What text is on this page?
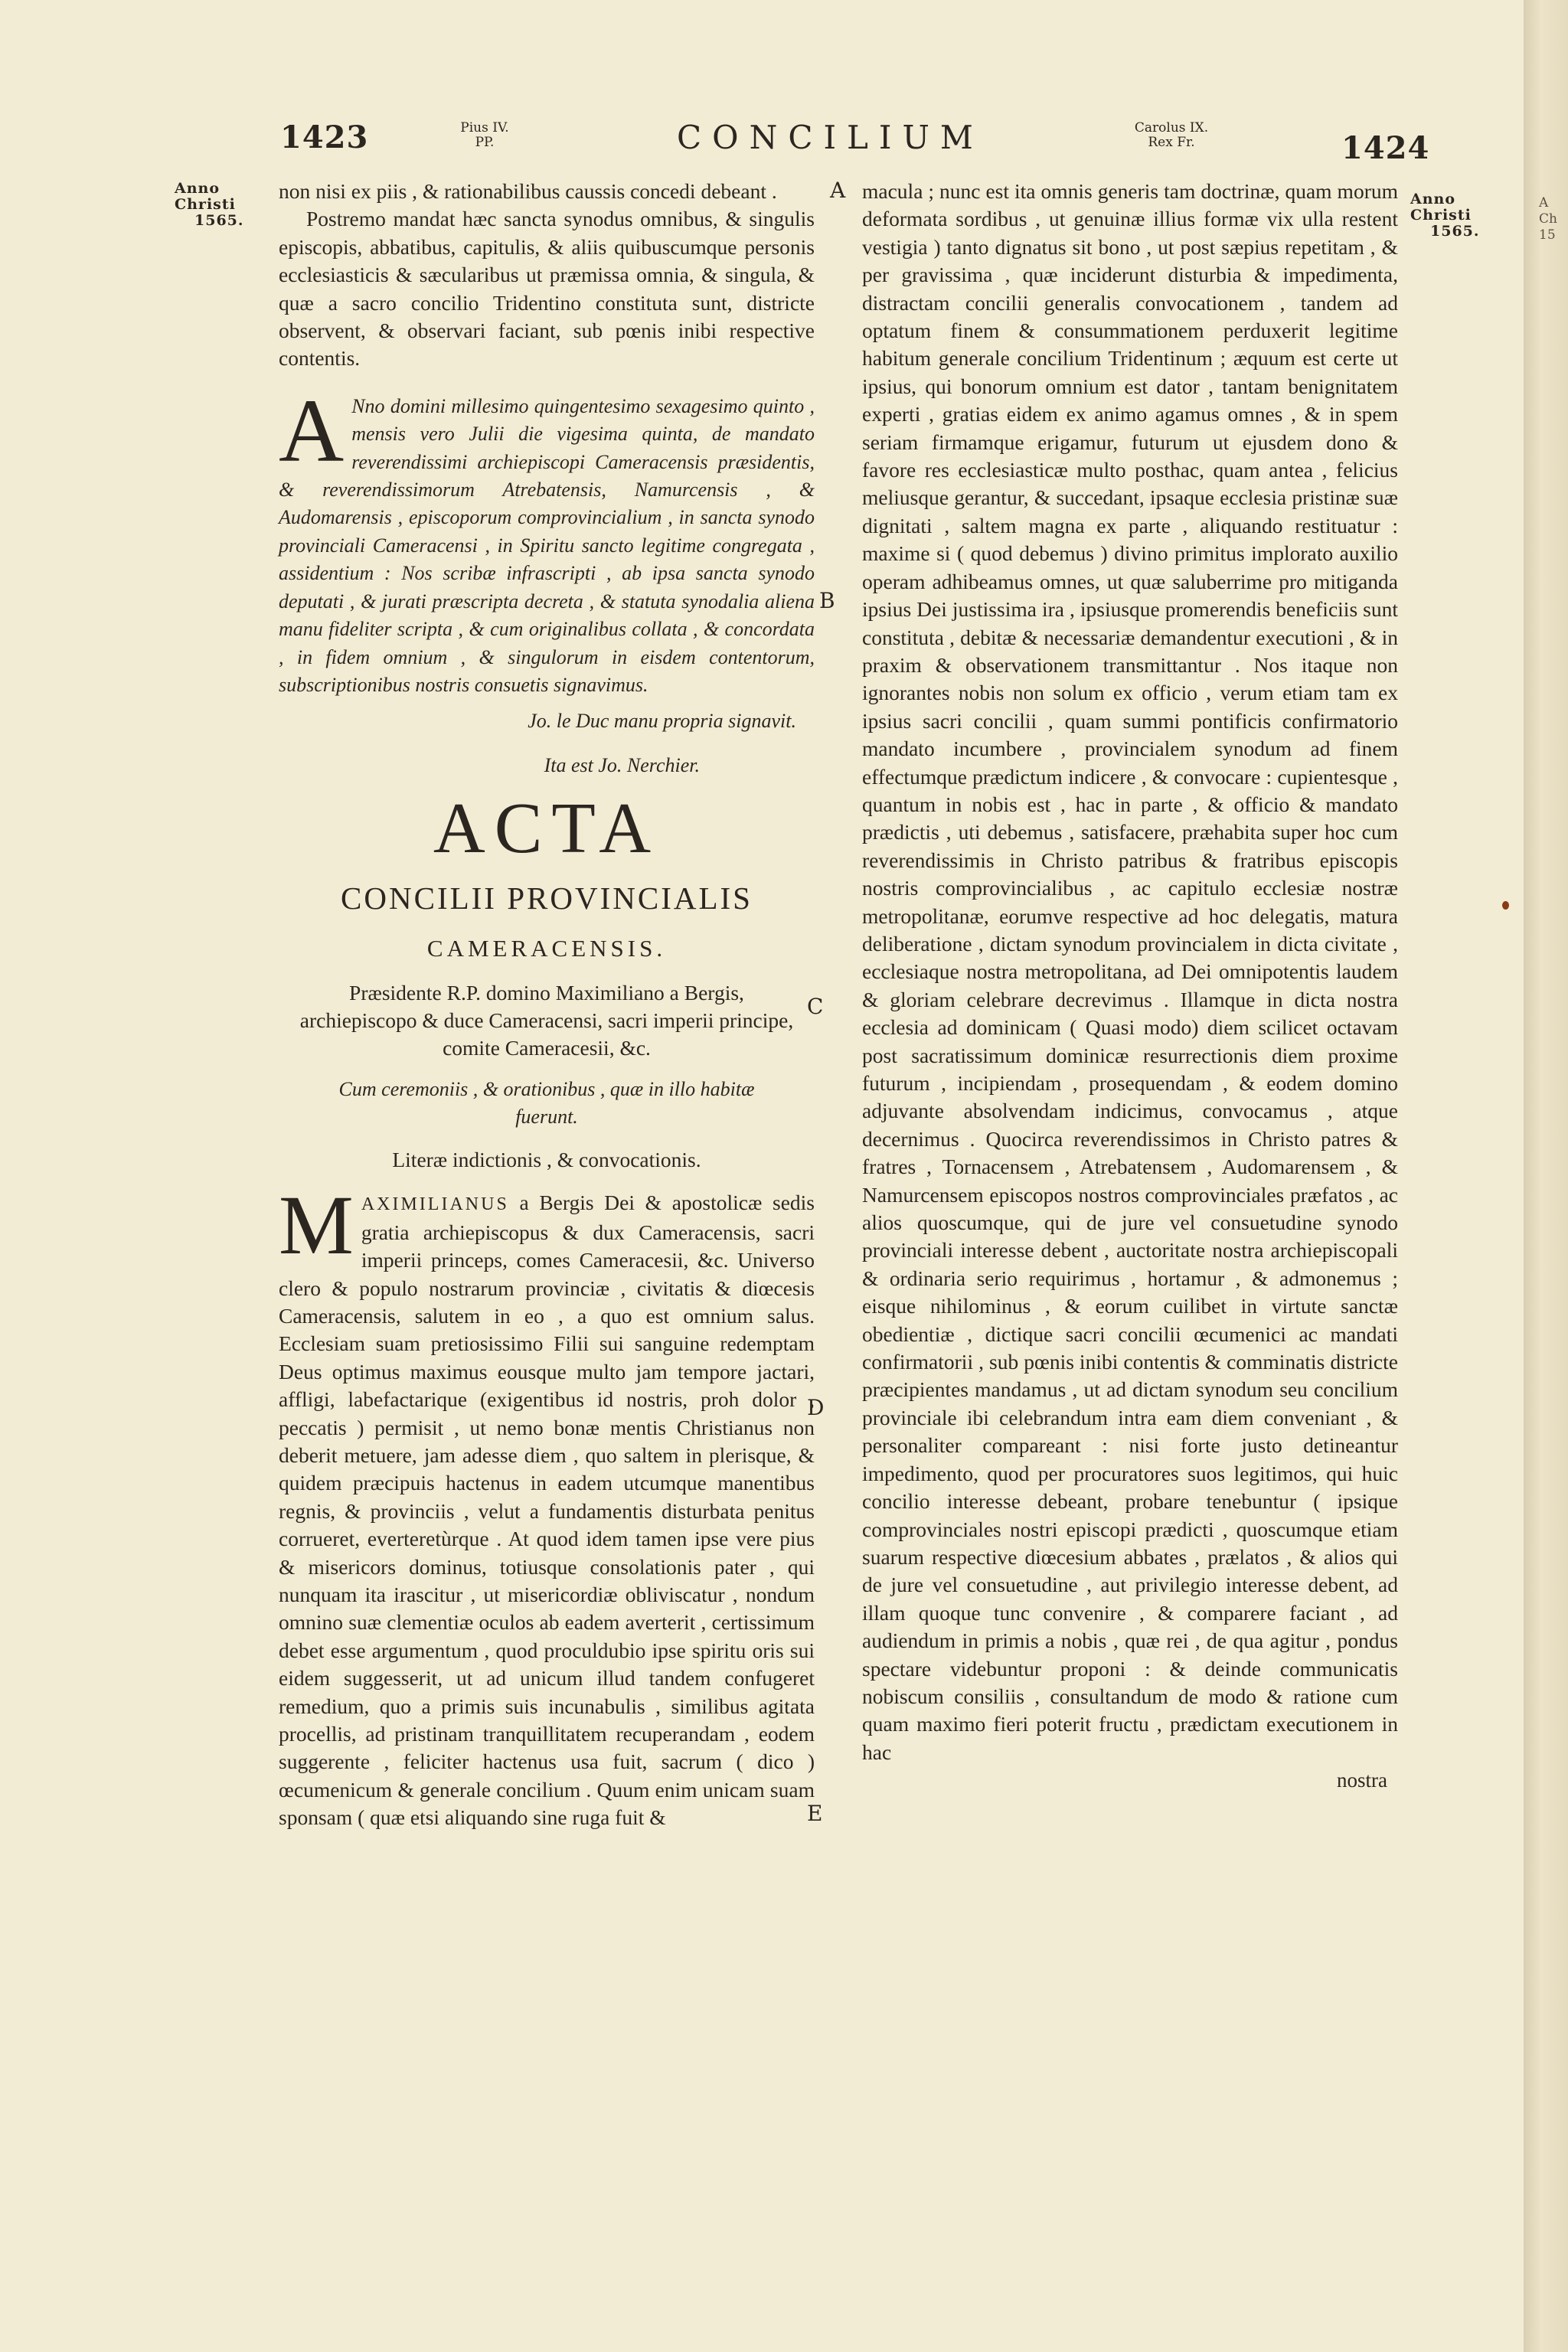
A
Ch
15
1423	Pius IV.
PP.	CONCILIUM	Carolus IX.
Rex Fr.	1424
Anno
Christi
1565.
Anno
Christi
1565.
A
B
C
D
E

non nisi ex piis , & rationabilibus caussis concedi debeant .

Postremo mandat hæc sancta synodus omnibus, & singulis episcopis, abbatibus, capitulis, & aliis quibuscumque personis ecclesiasticis & sæcularibus ut præmissa omnia, & singula, & quæ a sacro concilio Tridentino constituta sunt, districte observent, & observari faciant, sub pœnis inibi respective contentis.

A Nno domini millesimo quingentesimo sexagesimo quinto , mensis vero Julii die vigesima quinta, de mandato reverendissimi archiepiscopi Cameracensis præsidentis, & reverendissimorum Atrebatensis, Namurcensis , & Audomarensis , episcoporum comprovincialium , in sancta synodo provinciali Cameracensi , in Spiritu sancto legitime congregata , assidentium : Nos scribæ infrascripti , ab ipsa sancta synodo deputati , & jurati præscripta decreta , & statuta synodalia aliena manu fideliter scripta , & cum originalibus collata , & concordata , in fidem omnium , & singulorum in eisdem contentorum, subscriptionibus nostris consuetis signavimus.

Jo. le Duc manu propria signavit.

Ita est Jo. Nerchier.

ACTA

CONCILII PROVINCIALIS

CAMERACENSIS.

Præsidente R.P. domino Maximiliano a Bergis, archiepiscopo & duce Cameracensi, sacri imperii principe, comite Cameracesii, &c.

Cum ceremoniis , & orationibus , quæ in illo habitæ fuerunt.

Literæ indictionis , & convocationis.

MAXIMILIANUS a Bergis Dei & apostolicæ sedis gratia archiepiscopus & dux Cameracensis, sacri imperii princeps, comes Cameracesii, &c. Universo clero & populo nostrarum provinciæ , civitatis & diœcesis Cameracensis, salutem in eo , a quo est omnium salus. Ecclesiam suam pretiosissimo Filii sui sanguine redemptam Deus optimus maximus eousque multo jam tempore jactari, affligi, labefactarique (exigentibus id nostris, proh dolor , peccatis ) permisit , ut nemo bonæ mentis Christianus non deberit metuere, jam adesse diem , quo saltem in plerisque, & quidem præcipuis hactenus in eadem utcumque manentibus regnis, & provinciis , velut a fundamentis disturbata penitus corrueret, everteretùrque . At quod idem tamen ipse vere pius & misericors dominus, totiusque consolationis pater , qui nunquam ita irascitur , ut misericordiæ obliviscatur , nondum omnino suæ clementiæ oculos ab eadem averterit , certissimum debet esse argumentum , quod proculdubio ipse spiritu oris sui eidem suggesserit, ut ad unicum illud tandem confugeret remedium, quo a primis suis incunabulis , similibus agitata procellis, ad pristinam tranquillitatem recuperandam , eodem suggerente , feliciter hactenus usa fuit, sacrum ( dico ) œcumenicum & generale concilium . Quum enim unicam suam sponsam ( quæ etsi aliquando sine ruga fuit &

macula ; nunc est ita omnis generis tam doctrinæ, quam morum deformata sordibus , ut genuinæ illius formæ vix ulla restent vestigia ) tanto dignatus sit bono , ut post sæpius repetitam , & per gravissima , quæ inciderunt disturbia & impedimenta, distractam concilii generalis convocationem , tandem ad optatum finem & consummationem perduxerit legitime habitum generale concilium Tridentinum ; æquum est certe ut ipsius, qui bonorum omnium est dator , tantam benignitatem experti , gratias eidem ex animo agamus omnes , & in spem seriam firmamque erigamur, futurum ut ejusdem dono & favore res ecclesiasticæ multo posthac, quam antea , felicius meliusque gerantur, & succedant, ipsaque ecclesia pristinæ suæ dignitati , saltem magna ex parte , aliquando restituatur : maxime si ( quod debemus ) divino primitus implorato auxilio operam adhibeamus omnes, ut quæ saluberrime pro mitiganda ipsius Dei justissima ira , ipsiusque promerendis beneficiis sunt constituta , debitæ & necessariæ demandentur executioni , & in praxim & observationem transmittantur . Nos itaque non ignorantes nobis non solum ex officio , verum etiam tam ex ipsius sacri concilii , quam summi pontificis confirmatorio mandato incumbere , provincialem synodum ad finem effectumque prædictum indicere , & convocare : cupientesque , quantum in nobis est , hac in parte , & officio & mandato prædictis , uti debemus , satisfacere, præhabita super hoc cum reverendissimis in Christo patribus & fratribus episcopis nostris comprovincialibus , ac capitulo ecclesiæ nostræ metropolitanæ, eorumve respective ad hoc delegatis, matura deliberatione , dictam synodum provincialem in dicta civitate , ecclesiaque nostra metropolitana, ad Dei omnipotentis laudem & gloriam celebrare decrevimus . Illamque in dicta nostra ecclesia ad dominicam ( Quasi modo) diem scilicet octavam post sacratissimum dominicæ resurrectionis diem proxime futurum , incipiendam , prosequendam , & eodem domino adjuvante absolvendam indicimus, convocamus , atque decernimus . Quocirca reverendissimos in Christo patres & fratres , Tornacensem , Atrebatensem , Audomarensem , & Namurcensem episcopos nostros comprovinciales præfatos , ac alios quoscumque, qui de jure vel consuetudine synodo provinciali interesse debent , auctoritate nostra archiepiscopali & ordinaria serio requirimus , hortamur , & admonemus ; eisque nihilominus , & eorum cuilibet in virtute sanctæ obedientiæ , dictique sacri concilii œcumenici ac mandati confirmatorii , sub pœnis inibi contentis & comminatis districte præcipientes mandamus , ut ad dictam synodum seu concilium provinciale ibi celebrandum intra eam diem conveniant , & personaliter compareant : nisi forte justo detineantur impedimento, quod per procuratores suos legitimos, qui huic concilio interesse debeant, probare tenebuntur ( ipsique comprovinciales nostri episcopi prædicti , quoscumque etiam suarum respective diœcesium abbates , prælatos , & alios qui de jure vel consuetudine , aut privilegio interesse debent, ad illam quoque tunc convenire , & comparere faciant , ad audiendum in primis a nobis , quæ rei , de qua agitur , pondus spectare videbuntur proponi : & deinde communicatis nobiscum consiliis , consultandum de modo & ratione cum quam maximo fieri poterit fructu , prædictam executionem in hac

nostra
